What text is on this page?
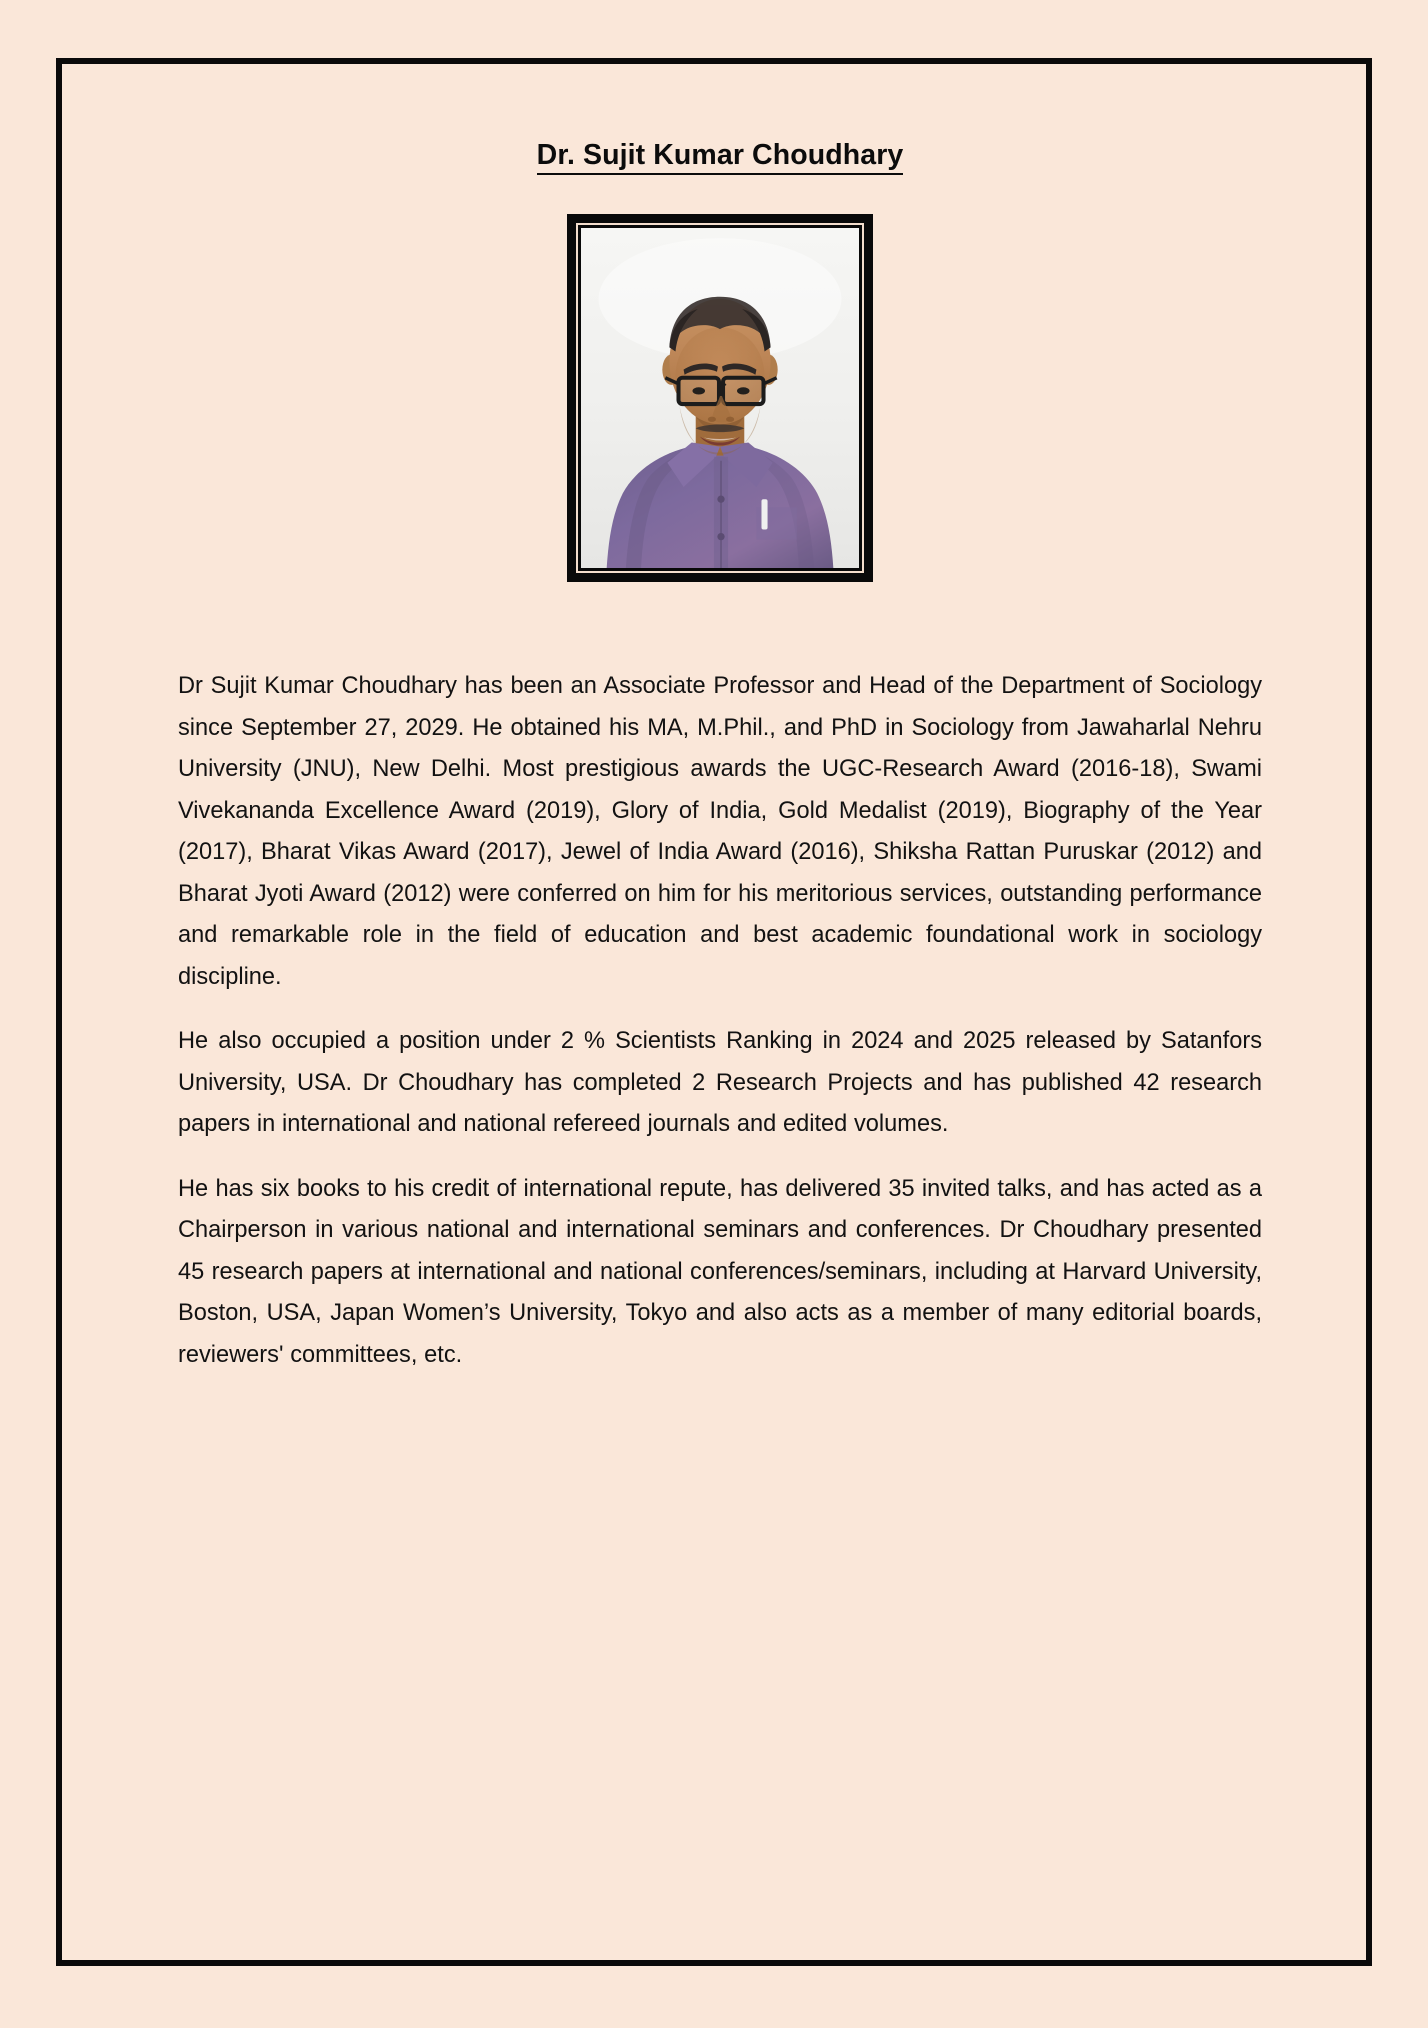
Dr. Sujit Kumar Choudhary

Dr Sujit Kumar Choudhary has been an Associate Professor and Head of the Department of Sociology since September 27, 2029. He obtained his MA, M.Phil., and PhD in Sociology from Jawaharlal Nehru University (JNU), New Delhi. Most prestigious awards the UGC-Research Award (2016-18), Swami Vivekananda Excellence Award (2019), Glory of India, Gold Medalist (2019), Biography of the Year (2017), Bharat Vikas Award (2017), Jewel of India Award (2016), Shiksha Rattan Puruskar (2012) and Bharat Jyoti Award (2012) were conferred on him for his meritorious services, outstanding performance and remarkable role in the field of education and best academic foundational work in sociology discipline.

He also occupied a position under 2 % Scientists Ranking in 2024 and 2025 released by Satanfors University, USA. Dr Choudhary has completed 2 Research Projects and has published 42 research papers in international and national refereed journals and edited volumes.

He has six books to his credit of international repute, has delivered 35 invited talks, and has acted as a Chairperson in various national and international seminars and conferences. Dr Choudhary presented 45 research papers at international and national conferences/seminars, including at Harvard University, Boston, USA, Japan Women’s University, Tokyo and also acts as a member of many editorial boards, reviewers' committees, etc.
